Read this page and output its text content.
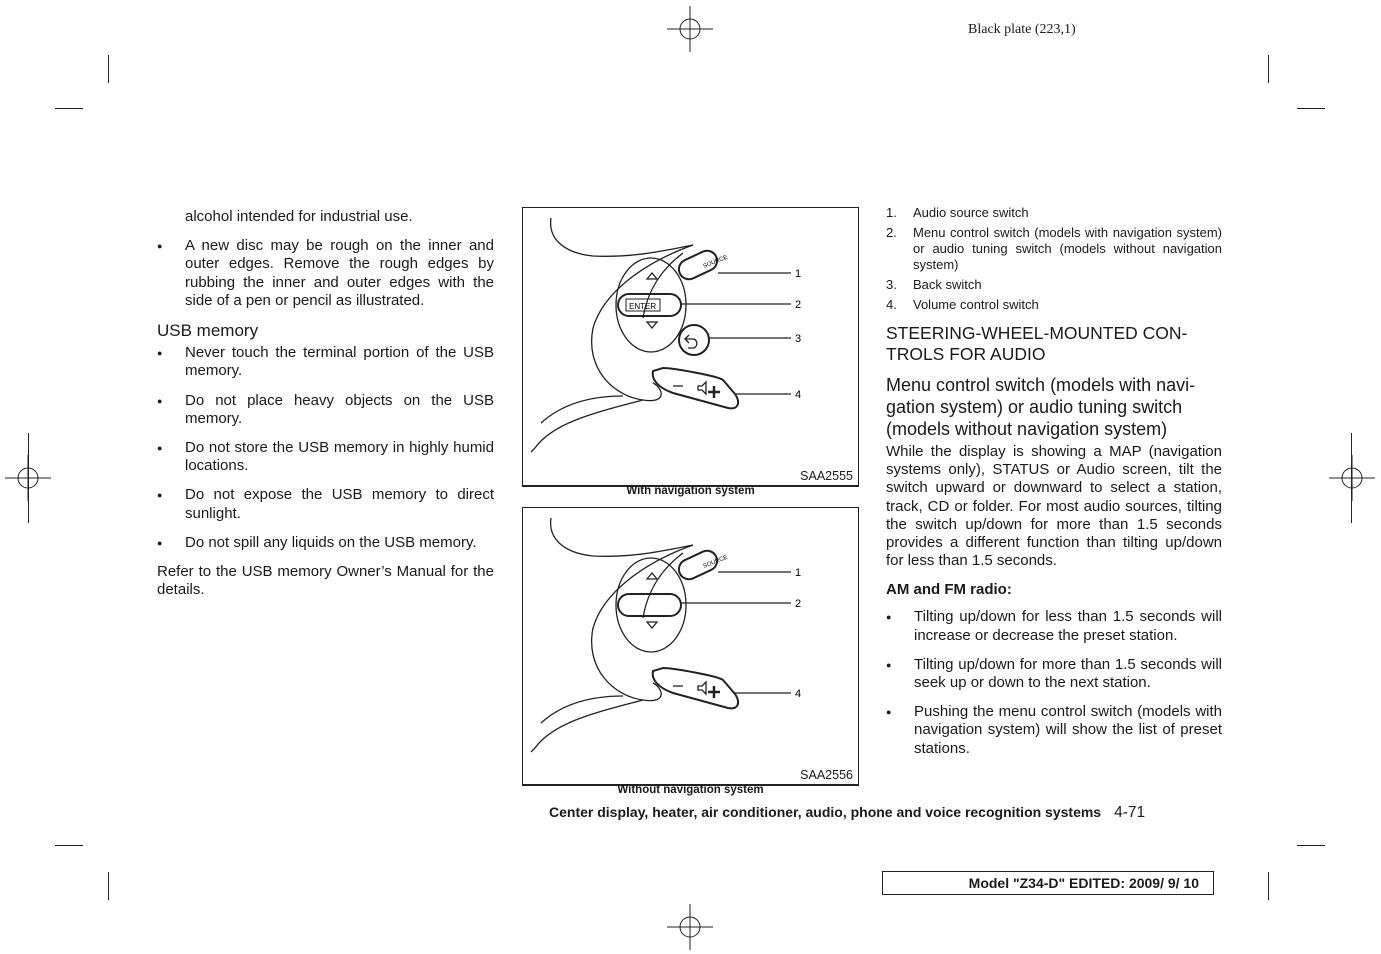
Black plate (223,1)
alcohol intended for industrial use.
● A new disc may be rough on the inner and outer edges. Remove the rough edges by rubbing the inner and outer edges with the side of a pen or pencil as illustrated.
USB memory
● Never touch the terminal portion of the USB memory.
● Do not place heavy objects on the USB memory.
● Do not store the USB memory in highly humid locations.
● Do not expose the USB memory to direct sunlight.
● Do not spill any liquids on the USB memory.
Refer to the USB memory Owner’s Manual for the details.
SOURCE
ENTER
1
2
3
4
SAA2555
With navigation system
SOURCE
1
2
4
SAA2556
Without navigation system
1. Audio source switch
2. Menu control switch (models with navigation system) or audio tuning switch (models without navigation system)
3. Back switch
4. Volume control switch
STEERING-WHEEL-MOUNTED CON-TROLS FOR AUDIO
Menu control switch (models with navi-gation system) or audio tuning switch (models without navigation system)
While the display is showing a MAP (navigation systems only), STATUS or Audio screen, tilt the switch upward or downward to select a station, track, CD or folder. For most audio sources, tilting the switch up/down for more than 1.5 seconds provides a different function than tilting up/down for less than 1.5 seconds.
AM and FM radio:
● Tilting up/down for less than 1.5 seconds will increase or decrease the preset station.
● Tilting up/down for more than 1.5 seconds will seek up or down to the next station.
● Pushing the menu control switch (models with navigation system) will show the list of preset stations.
Center display, heater, air conditioner, audio, phone and voice recognition systems 4-71
Model "Z34-D" EDITED: 2009/ 9/ 10
